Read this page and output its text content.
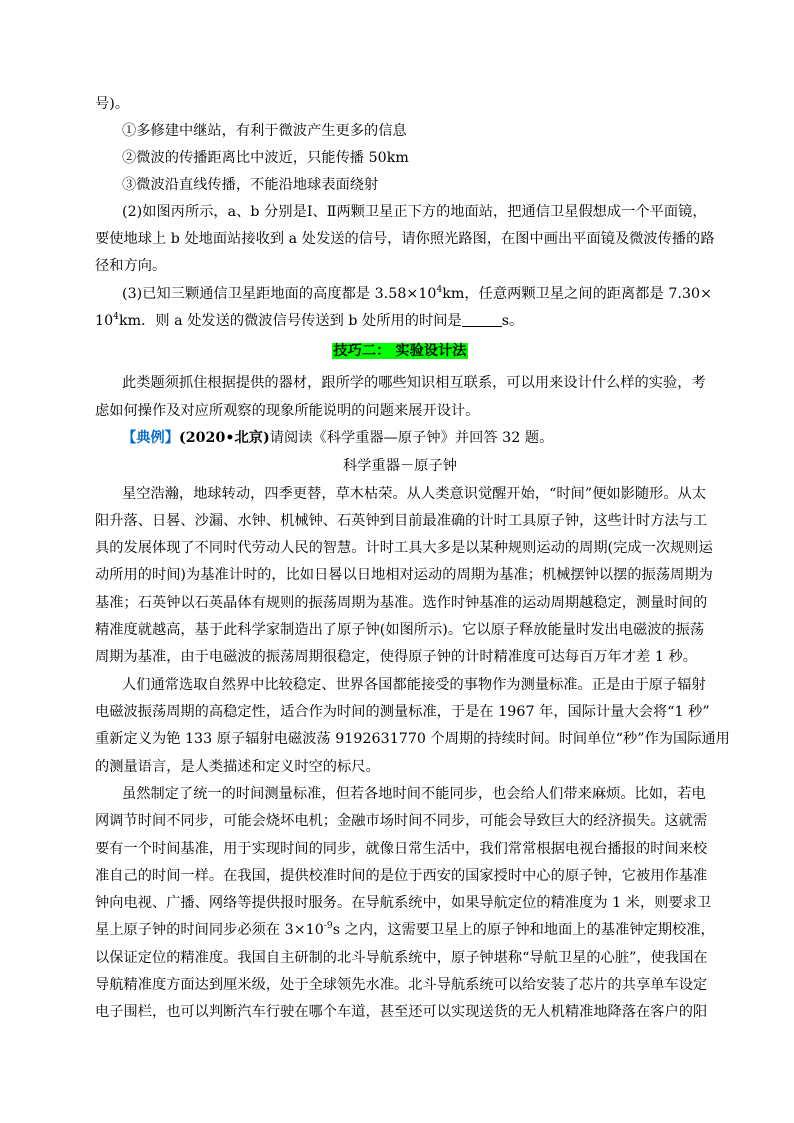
号)。
①多修建中继站，有利于微波产生更多的信息
②微波的传播距离比中波近，只能传播 50km
③微波沿直线传播，不能沿地球表面绕射
(2)如图丙所示，a、b 分别是Ⅰ、Ⅱ两颗卫星正下方的地面站，把通信卫星假想成一个平面镜，
要使地球上 b 处地面站接收到 a 处发送的信号，请你照光路图，在图中画出平面镜及微波传播的路
径和方向。
(3)已知三颗通信卫星距地面的高度都是 $3.58\times 10^4km$，任意两颗卫星之间的距离都是 7.30×
$10^4km$．则 a 处发送的微波信号传送到 b 处所用的时间是	s。
技巧二： 实验设计法
此类题须抓住根据提供的器材，跟所学的哪些知识相互联系，可以用来设计什么样的实验，考
虑如何操作及对应所观察的现象所能说明的问题来展开设计。
【典例】(2020•北京)请阅读《科学重器—原子钟》并回答 32 题。
科学重器－原子钟
星空浩瀚，地球转动，四季更替，草木枯荣。从人类意识觉醒开始，“时间”便如影随形。从太
阳升落、日晷、沙漏、水钟、机械钟、石英钟到目前最准确的计时工具原子钟，这些计时方法与工
具的发展体现了不同时代劳动人民的智慧。计时工具大多是以某种规则运动的周期(完成一次规则运
动所用的时间)为基准计时的，比如日晷以日地相对运动的周期为基准；机械摆钟以摆的振荡周期为
基准；石英钟以石英晶体有规则的振荡周期为基准。选作时钟基准的运动周期越稳定，测量时间的
精准度就越高，基于此科学家制造出了原子钟(如图所示)。它以原子释放能量时发出电磁波的振荡
周期为基准，由于电磁波的振荡周期很稳定，使得原子钟的计时精准度可达每百万年才差 1 秒。
人们通常选取自然界中比较稳定、世界各国都能接受的事物作为测量标准。正是由于原子辐射
电磁波振荡周期的高稳定性，适合作为时间的测量标准，于是在 1967 年，国际计量大会将“1 秒”
重新定义为铯 133 原子辐射电磁波荡 9192631770 个周期的持续时间。时间单位“秒”作为国际通用
的测量语言，是人类描述和定义时空的标尺。
虽然制定了统一的时间测量标准，但若各地时间不能同步，也会给人们带来麻烦。比如，若电
网调节时间不同步，可能会烧坏电机；金融市场时间不同步，可能会导致巨大的经济损失。这就需
要有一个时间基准，用于实现时间的同步，就像日常生活中，我们常常根据电视台播报的时间来校
准自己的时间一样。在我国，提供校准时间的是位于西安的国家授时中心的原子钟，它被用作基准
钟向电视、广播、网络等提供报时服务。在导航系统中，如果导航定位的精准度为 1 米，则要求卫
星上原子钟的时间同步必须在 $3\times 10^{-9}s$ 之内，这需要卫星上的原子钟和地面上的基准钟定期校准，
以保证定位的精准度。我国自主研制的北斗导航系统中，原子钟堪称“导航卫星的心脏”，使我国在
导航精准度方面达到厘米级，处于全球领先水准。北斗导航系统可以给安装了芯片的共享单车设定
电子围栏，也可以判断汽车行驶在哪个车道，甚至还可以实现送货的无人机精准地降落在客户的阳
